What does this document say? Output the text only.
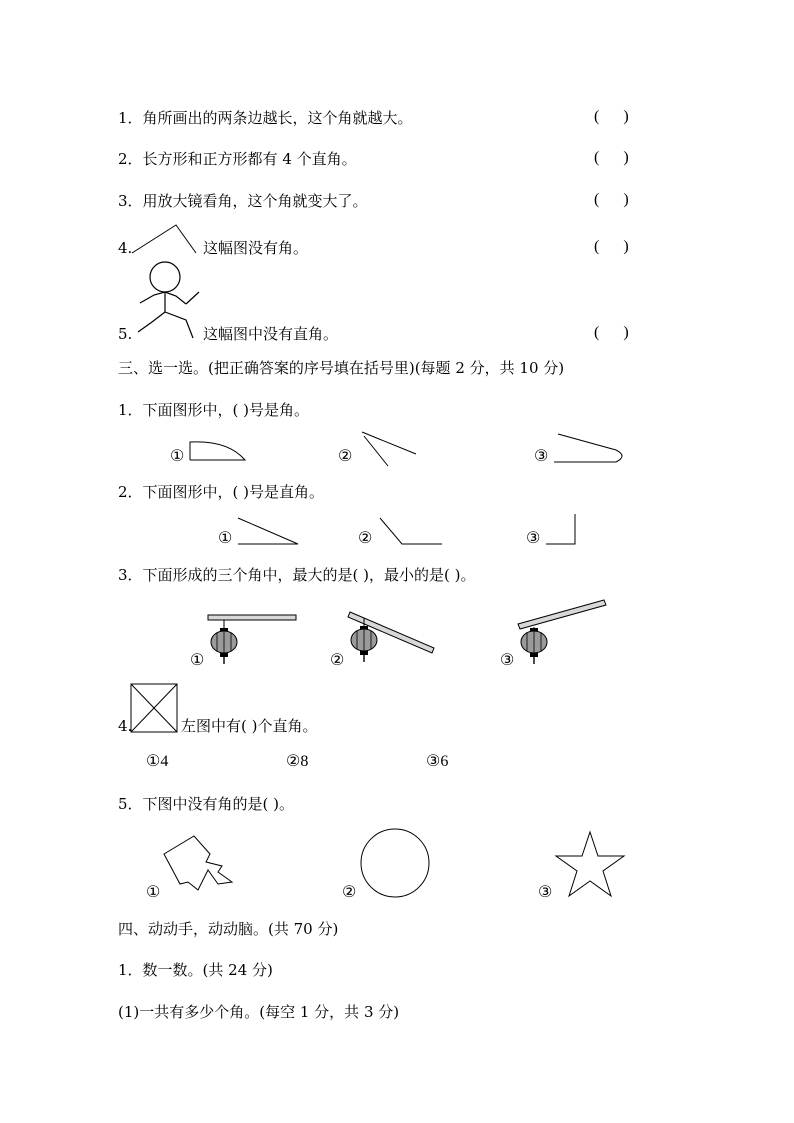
1．角所画出的两条边越长，这个角就越大。	(      )
2．长方形和正方形都有 4 个直角。	(      )
3．用放大镜看角，这个角就变大了。	(      )
4.	这幅图没有角。	(      )
5.	这幅图中没有直角。	(      )
三、选一选。(把正确答案的序号填在括号里)(每题 2 分，共 10 分)
1．下面图形中，( )号是角。
①	②	③
2．下面图形中，( )号是直角。
①	②	③
3．下面形成的三个角中，最大的是( )，最小的是( )。
①	②	③
4.	左图中有( )个直角。
①4	②8	③6
5．下图中没有角的是( )。
①	②	③
四、动动手，动动脑。(共 70 分)
1．数一数。(共 24 分)
(1)一共有多少个角。(每空 1 分，共 3 分)
